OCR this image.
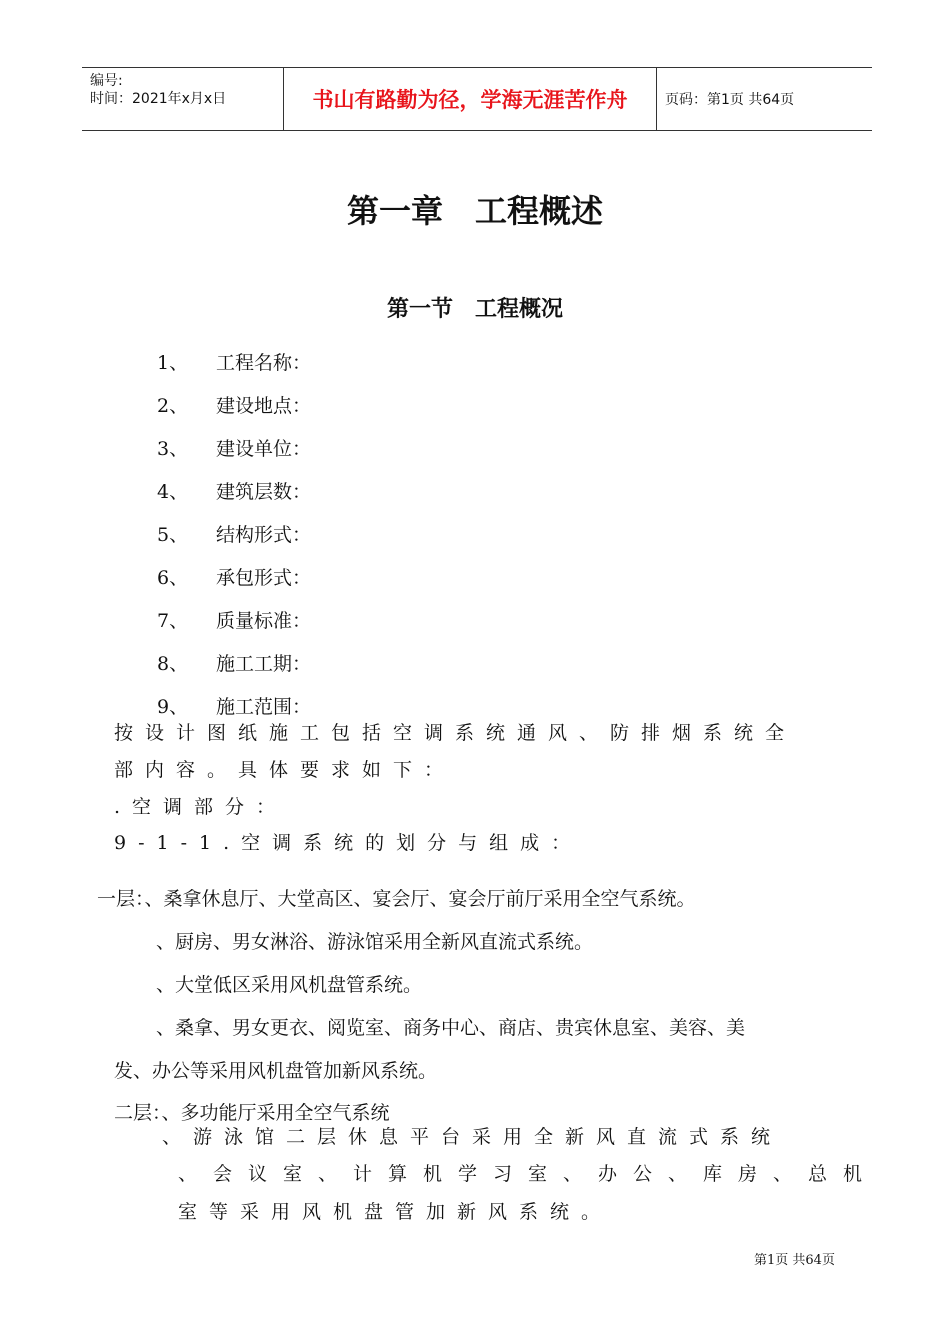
编号:
时间：2021年x月x日	书山有路勤为径，学海无涯苦作舟	页码：第1页 共64页
第一章　工程概述
第一节　工程概况
1、	工程名称：
2、	建设地点：
3、	建设单位：
4、	建筑层数：
5、	结构形式：
6、	承包形式：
7、	质量标准：
8、	施工工期：
9、	施工范围：
按设计图纸施工包括空调系统通风、防排烟系统全
部内容。具体要求如下：
.空调部分：
9-1-1.空调系统的划分与组成：
一层：、桑拿休息厅、大堂高区、宴会厅、宴会厅前厅采用全空气系统。
、厨房、男女淋浴、游泳馆采用全新风直流式系统。
、大堂低区采用风机盘管系统。
、桑拿、男女更衣、阅览室、商务中心、商店、贵宾休息室、美容、美
发、办公等采用风机盘管加新风系统。
二层：、多功能厅采用全空气系统
、游泳馆二层休息平台采用全新风直流式系统
、会议室、计算机学习室、办公、库房、总机
室等采用风机盘管加新风系统。
第1页 共64页
